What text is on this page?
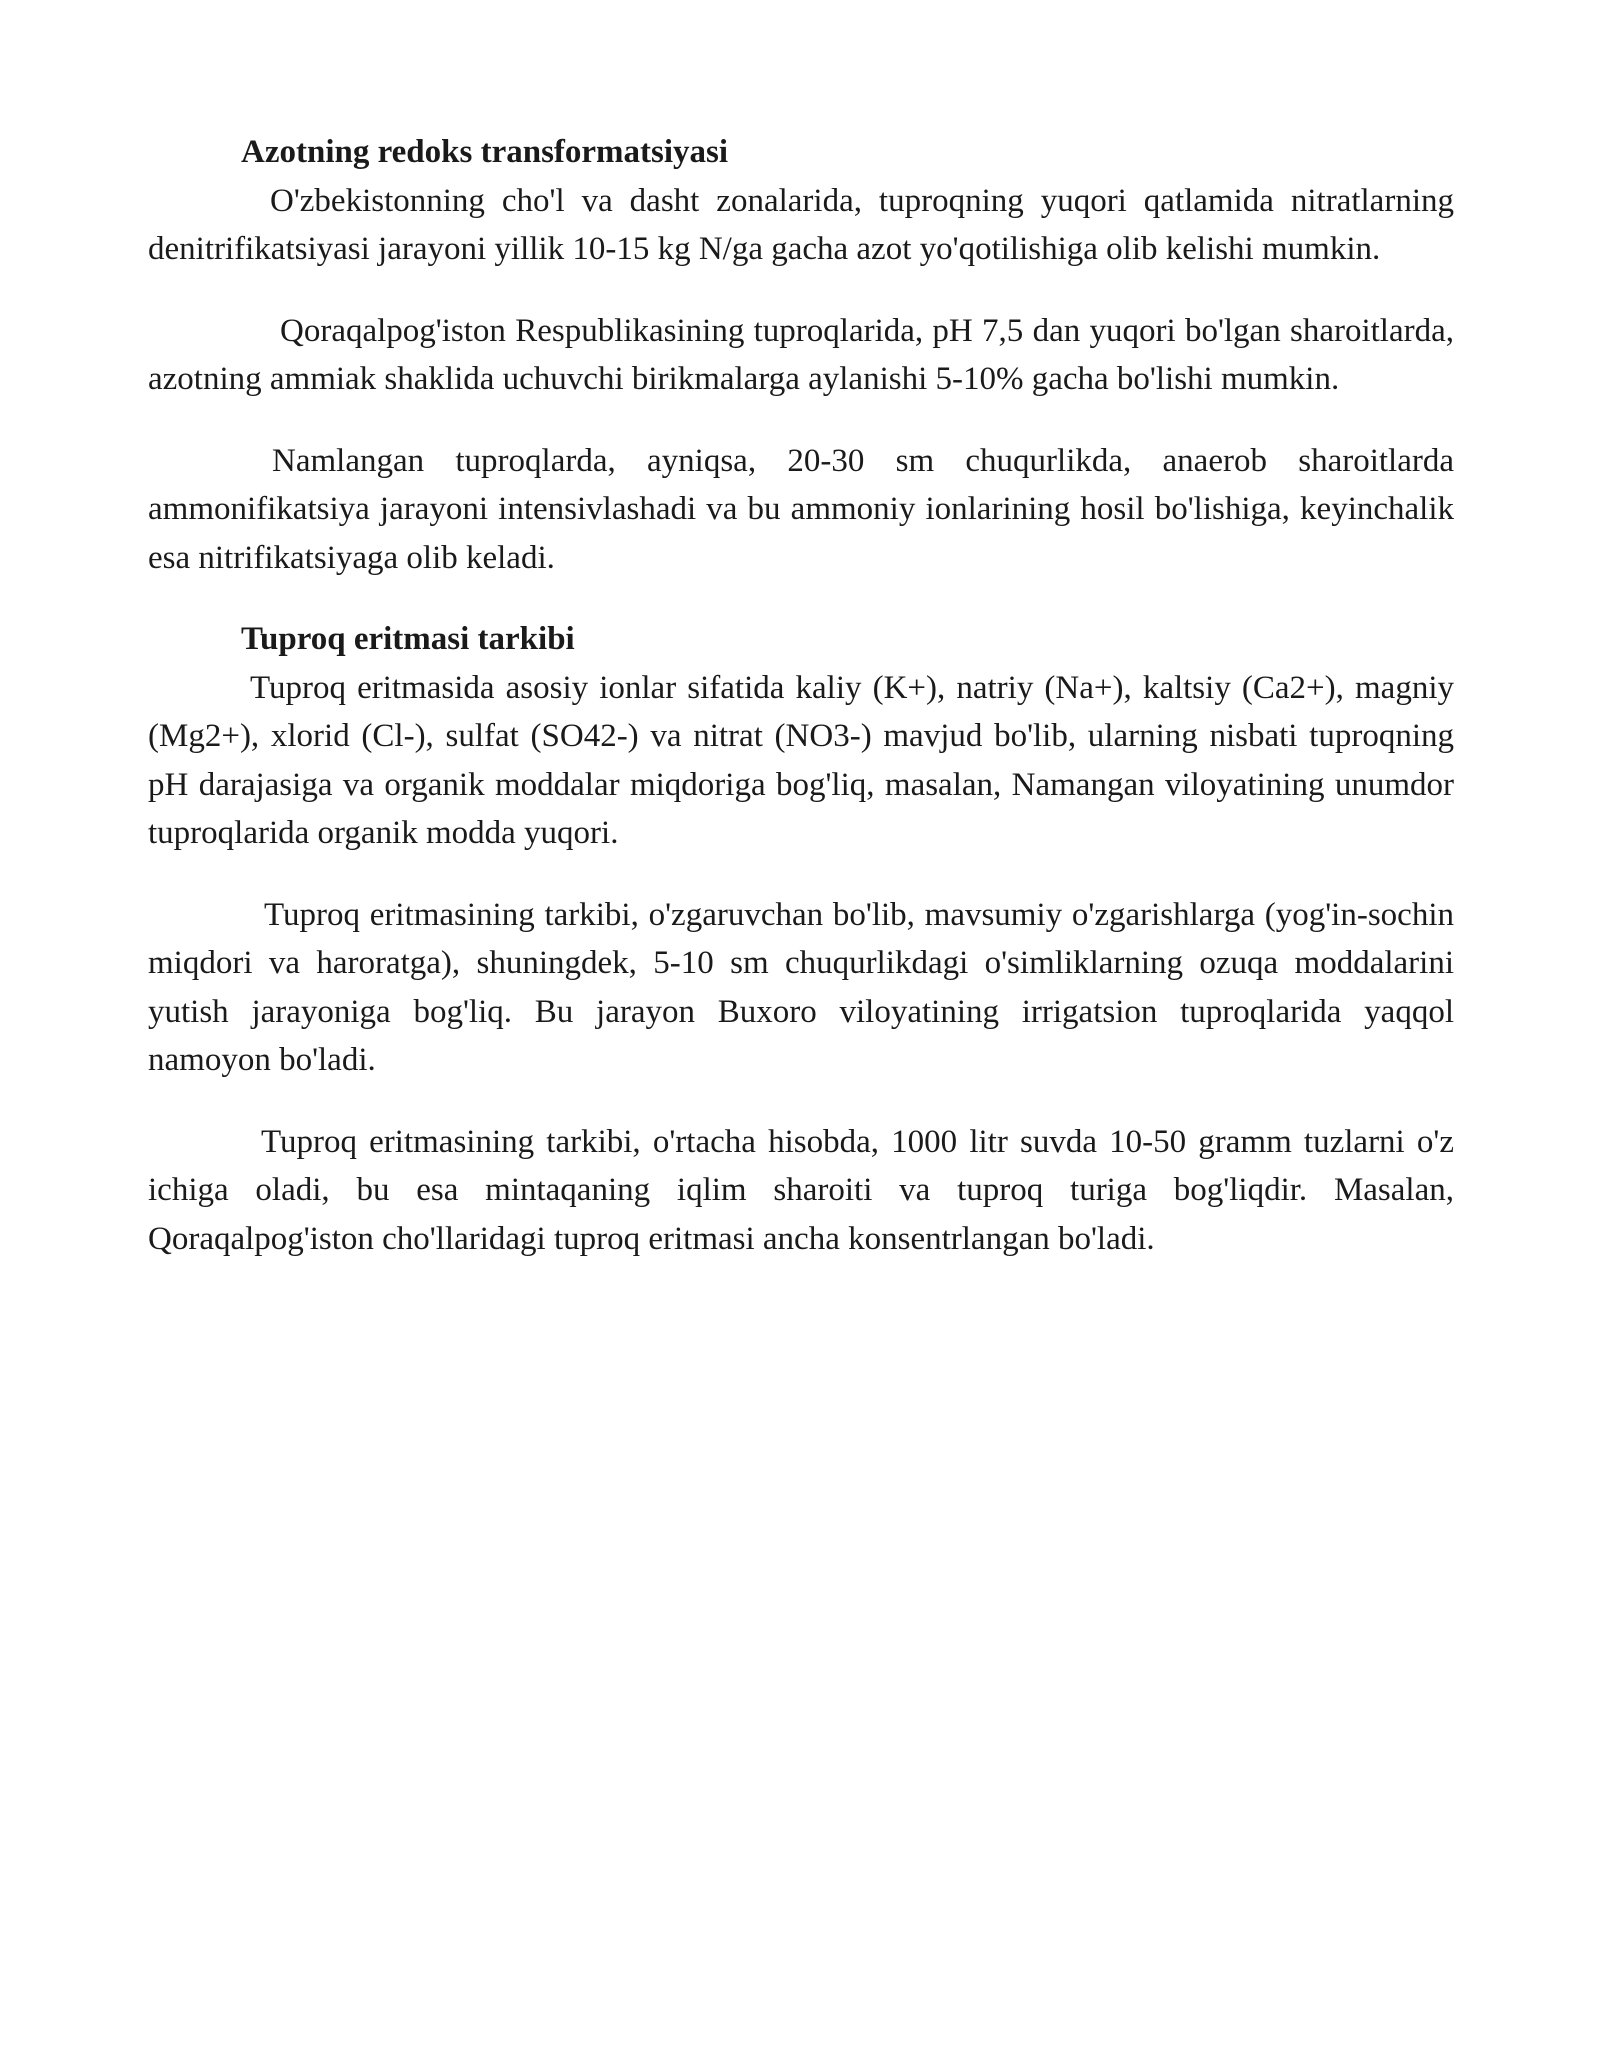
Azotning redoks transformatsiyasi

O'zbekistonning cho'l va dasht zonalarida, tuproqning yuqori qatlamida nitratlarning denitrifikatsiyasi jarayoni yillik 10-15 kg N/ga gacha azot yo'qotilishiga olib kelishi mumkin.

Qoraqalpog'iston Respublikasining tuproqlarida, pH 7,5 dan yuqori bo'lgan sharoitlarda, azotning ammiak shaklida uchuvchi birikmalarga aylanishi 5-10% gacha bo'lishi mumkin.

Namlangan tuproqlarda, ayniqsa, 20-30 sm chuqurlikda, anaerob sharoitlarda ammonifikatsiya jarayoni intensivlashadi va bu ammoniy ionlarining hosil bo'lishiga, keyinchalik esa nitrifikatsiyaga olib keladi.

Tuproq eritmasi tarkibi

Tuproq eritmasida asosiy ionlar sifatida kaliy (K+), natriy (Na+), kaltsiy (Ca2+), magniy (Mg2+), xlorid (Cl-), sulfat (SO42-) va nitrat (NO3-) mavjud bo'lib, ularning nisbati tuproqning pH darajasiga va organik moddalar miqdoriga bog'liq, masalan, Namangan viloyatining unumdor tuproqlarida organik modda yuqori.

Tuproq eritmasining tarkibi, o'zgaruvchan bo'lib, mavsumiy o'zgarishlarga (yog'in-sochin miqdori va haroratga), shuningdek, 5-10 sm chuqurlikdagi o'simliklarning ozuqa moddalarini yutish jarayoniga bog'liq. Bu jarayon Buxoro viloyatining irrigatsion tuproqlarida yaqqol namoyon bo'ladi.

Tuproq eritmasining tarkibi, o'rtacha hisobda, 1000 litr suvda 10-50 gramm tuzlarni o'z ichiga oladi, bu esa mintaqaning iqlim sharoiti va tuproq turiga bog'liqdir. Masalan, Qoraqalpog'iston cho'llaridagi tuproq eritmasi ancha konsentrlangan bo'ladi.
